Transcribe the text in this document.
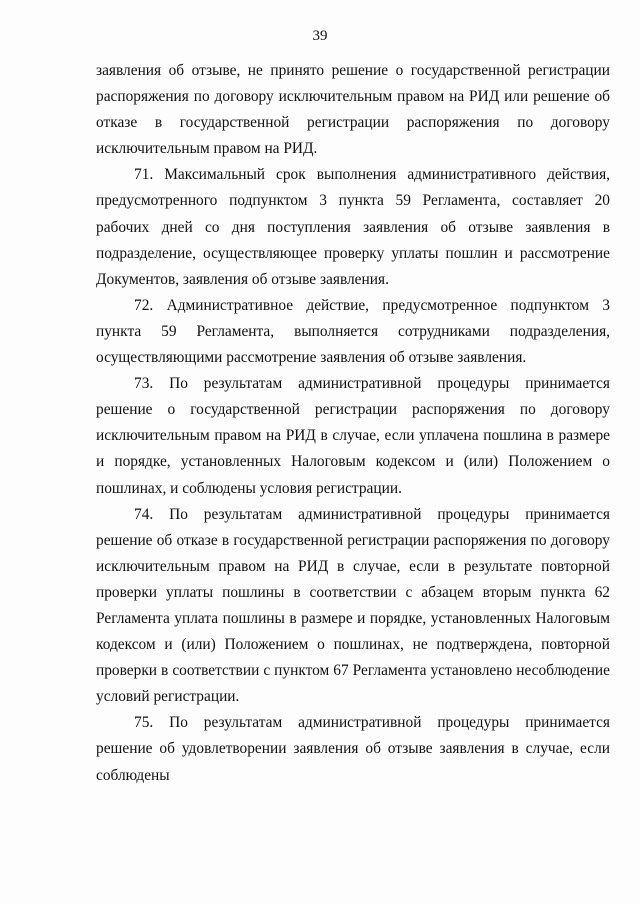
39

заявления об отзыве, не принято решение о государственной регистрации распоряжения по договору исключительным правом на РИД или решение об отказе в государственной регистрации распоряжения по договору исключительным правом на РИД.

71. Максимальный срок выполнения административного действия, предусмотренного подпунктом 3 пункта 59 Регламента, составляет 20 рабочих дней со дня поступления заявления об отзыве заявления в подразделение, осуществляющее проверку уплаты пошлин и рассмотрение Документов, заявления об отзыве заявления.

72. Административное действие, предусмотренное подпунктом 3 пункта 59 Регламента, выполняется сотрудниками подразделения, осуществляющими рассмотрение заявления об отзыве заявления.

73. По результатам административной процедуры принимается решение о государственной регистрации распоряжения по договору исключительным правом на РИД в случае, если уплачена пошлина в размере и порядке, установленных Налоговым кодексом и (или) Положением о пошлинах, и соблюдены условия регистрации.

74. По результатам административной процедуры принимается решение об отказе в государственной регистрации распоряжения по договору исключительным правом на РИД в случае, если в результате повторной проверки уплаты пошлины в соответствии с абзацем вторым пункта 62 Регламента уплата пошлины в размере и порядке, установленных Налоговым кодексом и (или) Положением о пошлинах, не подтверждена, повторной проверки в соответствии с пунктом 67 Регламента установлено несоблюдение условий регистрации.

75. По результатам административной процедуры принимается решение об удовлетворении заявления об отзыве заявления в случае, если соблюдены
